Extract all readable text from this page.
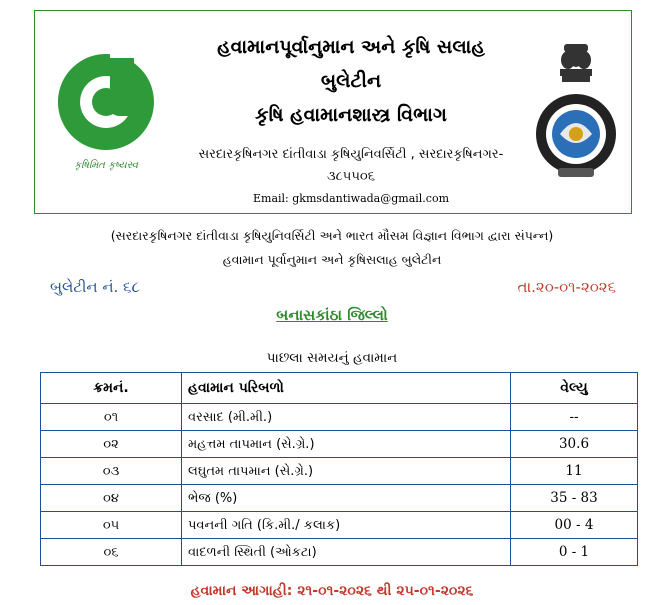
કૃષિમિત કૃષ્યસ્વ
હવામાનપૂર્વાનુમાન અને કૃષિ સલાહ
બુલેટીન
કૃષિ હવામાનશાસ્ત્ર વિભાગ
સરદારકૃષિનગર દાંતીવાડા કૃષિયુનિવર્સિટી , સરદારકૃષિનગર-
૩૮૫૫૦૬
Email: gkmsdantiwada@gmail.com
(સરદારકૃષિનગર દાંતીવાડા કૃષિયુનિવર્સિટી અને ભારત મૌસમ વિજ્ઞાન વિભાગ દ્વારા સંપન્ન)
હવામાન પૂર્વાનુમાન અને કૃષિસલાહ બુલેટીન
બુલેટીન નં. ૬૮	તા.૨૦-૦૧-૨૦૨૬
બનાસકાંઠા જિલ્લો
પાછલા સમયનું હવામાન
ક્રમનં.	હવામાન પરિબળો	વેલ્યુ
૦૧	વરસાદ (મી.મી.)	--
૦૨	મહત્તમ તાપમાન (સે.ગ્રે.)	30.6
૦૩	લઘુતમ તાપમાન (સે.ગ્રે.)	11
૦૪	ભેજ (%)	35 - 83
૦૫	પવનની ગતિ (કિ.મી./ કલાક)	00 - 4
૦૬	વાદળની સ્થિતી (ઓકટા)	0 - 1
હવામાન આગાહી: ૨૧-૦૧-૨૦૨૬ થી ૨૫-૦૧-૨૦૨૬
